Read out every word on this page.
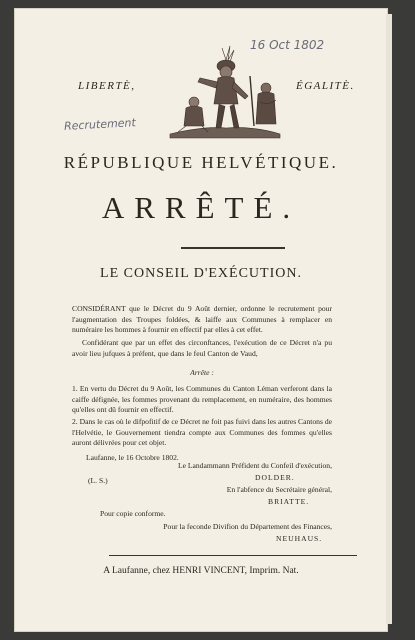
16 Oct 1802
LIBERTÈ,	ÉGALITÈ.
Recrutement
RÉPUBLIQUE HELVÉTIQUE.
ARRÊTÉ.
LE CONSEIL D'EXÉCUTION.
CONSIDÉRANT que le Décret du 9 Août dernier, ordonne le recrutement pour l'augmentation des Troupes foldées, & laiffe aux Communes à remplacer en numéraire les hommes à fournir en effectif par elles à cet effet.
Confidérant que par un effet des circonftances, l'exécution de ce Décret n'a pu avoir lieu jufques à préfent, que dans le feul Canton de Vaud,
Arrête :
1. En vertu du Décret du 9 Août, les Communes du Canton Léman verferont dans la caiffe défignée, les fommes provenant du remplacement, en numéraire, des hommes qu'elles ont dû fournir en effectif.
2. Dans le cas où le difpofitif de ce Décret ne foit pas fuivi dans les autres Cantons de l'Helvétie, le Gouvernement tiendra compte aux Communes des fommes qu'elles auront délivrées pour cet objet.
Laufanne, le 16 Octobre 1802.
(L. S.)
Le Landammann Préfident du Confeil d'exécution,
DOLDER.
En l'abfence du Secrétaire général,
BRIATTE.
Pour copie conforme.
Pour la feconde Divifion du Département des Finances,
NEUHAUS.
A Laufanne, chez HENRI VINCENT, Imprim. Nat.
